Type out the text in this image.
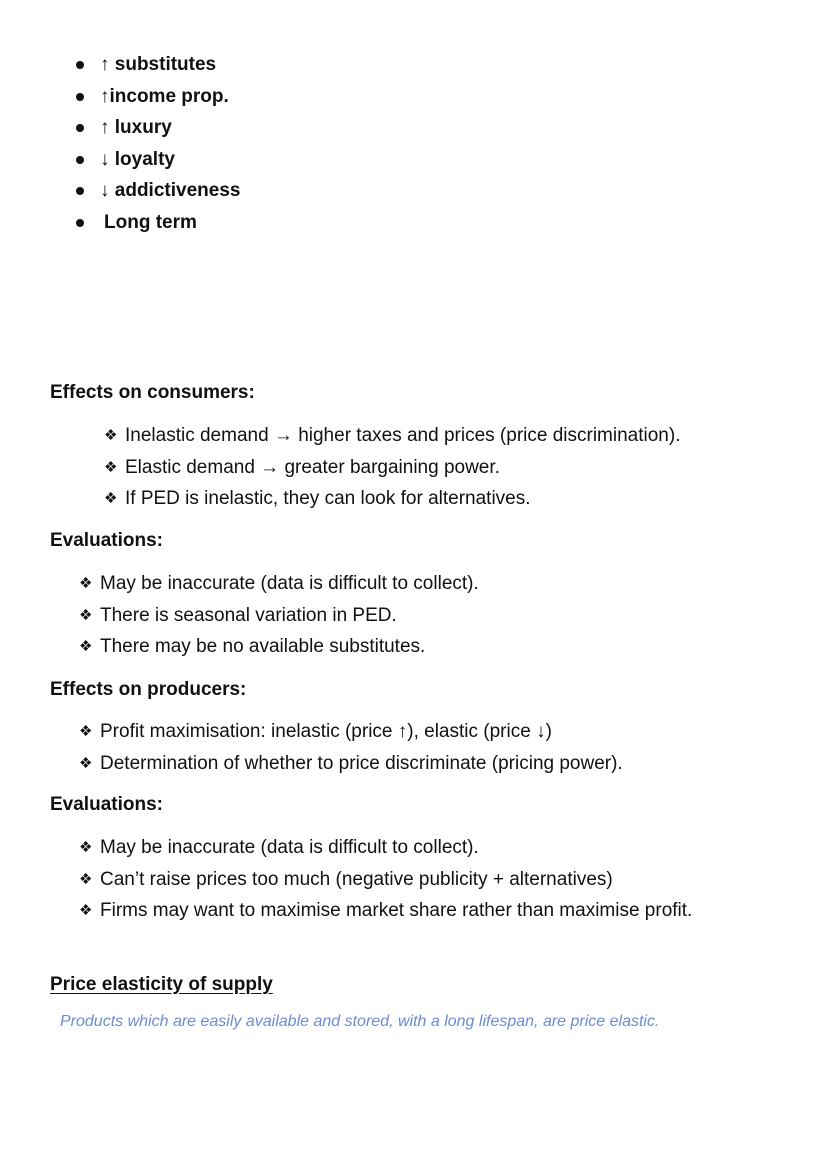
↑ substitutes
↑income prop.
↑ luxury
↓ loyalty
↓ addictiveness
Long term
Effects on consumers:
❖ Inelastic demand → higher taxes and prices (price discrimination).
❖ Elastic demand → greater bargaining power.
❖ If PED is inelastic, they can look for alternatives.
Evaluations:
❖ May be inaccurate (data is difficult to collect).
❖ There is seasonal variation in PED.
❖ There may be no available substitutes.
Effects on producers:
❖ Profit maximisation: inelastic (price ↑), elastic (price ↓)
❖ Determination of whether to price discriminate (pricing power).
Evaluations:
❖ May be inaccurate (data is difficult to collect).
❖ Can’t raise prices too much (negative publicity + alternatives)
❖ Firms may want to maximise market share rather than maximise profit.
Price elasticity of supply
Products which are easily available and stored, with a long lifespan, are price elastic.
